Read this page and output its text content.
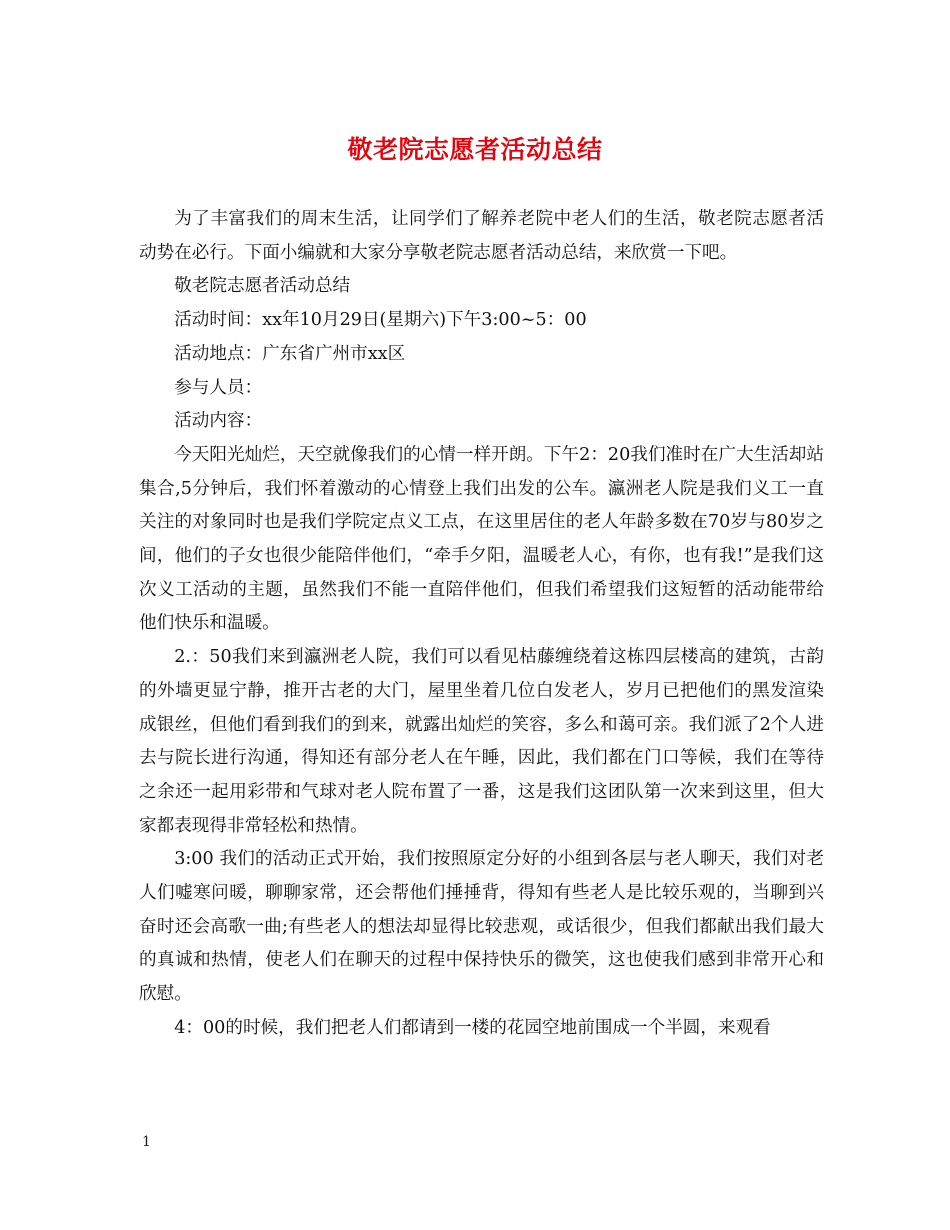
敬老院志愿者活动总结

为了丰富我们的周末生活，让同学们了解养老院中老人们的生活，敬老院志愿者活动势在必行。下面小编就和大家分享敬老院志愿者活动总结，来欣赏一下吧。

敬老院志愿者活动总结

活动时间：xx年10月29日(星期六)下午3:00~5：00

活动地点：广东省广州市xx区

参与人员：

活动内容：

今天阳光灿烂，天空就像我们的心情一样开朗。下午2：20我们准时在广大生活却站集合,5分钟后，我们怀着激动的心情登上我们出发的公车。瀛洲老人院是我们义工一直关注的对象同时也是我们学院定点义工点，在这里居住的老人年龄多数在70岁与80岁之间，他们的子女也很少能陪伴他们，“牵手夕阳，温暖老人心，有你，也有我!”是我们这次义工活动的主题，虽然我们不能一直陪伴他们，但我们希望我们这短暂的活动能带给他们快乐和温暖。

2.：50我们来到瀛洲老人院，我们可以看见枯藤缠绕着这栋四层楼高的建筑，古韵的外墙更显宁静，推开古老的大门，屋里坐着几位白发老人，岁月已把他们的黑发渲染成银丝，但他们看到我们的到来，就露出灿烂的笑容，多么和蔼可亲。我们派了2个人进去与院长进行沟通，得知还有部分老人在午睡，因此，我们都在门口等候，我们在等待之余还一起用彩带和气球对老人院布置了一番，这是我们这团队第一次来到这里，但大家都表现得非常轻松和热情。

3:00 我们的活动正式开始，我们按照原定分好的小组到各层与老人聊天，我们对老人们嘘寒问暖，聊聊家常，还会帮他们捶捶背，得知有些老人是比较乐观的，当聊到兴奋时还会高歌一曲;有些老人的想法却显得比较悲观，或话很少，但我们都献出我们最大的真诚和热情，使老人们在聊天的过程中保持快乐的微笑，这也使我们感到非常开心和欣慰。

4：00的时候，我们把老人们都请到一楼的花园空地前围成一个半圆，来观看

1
